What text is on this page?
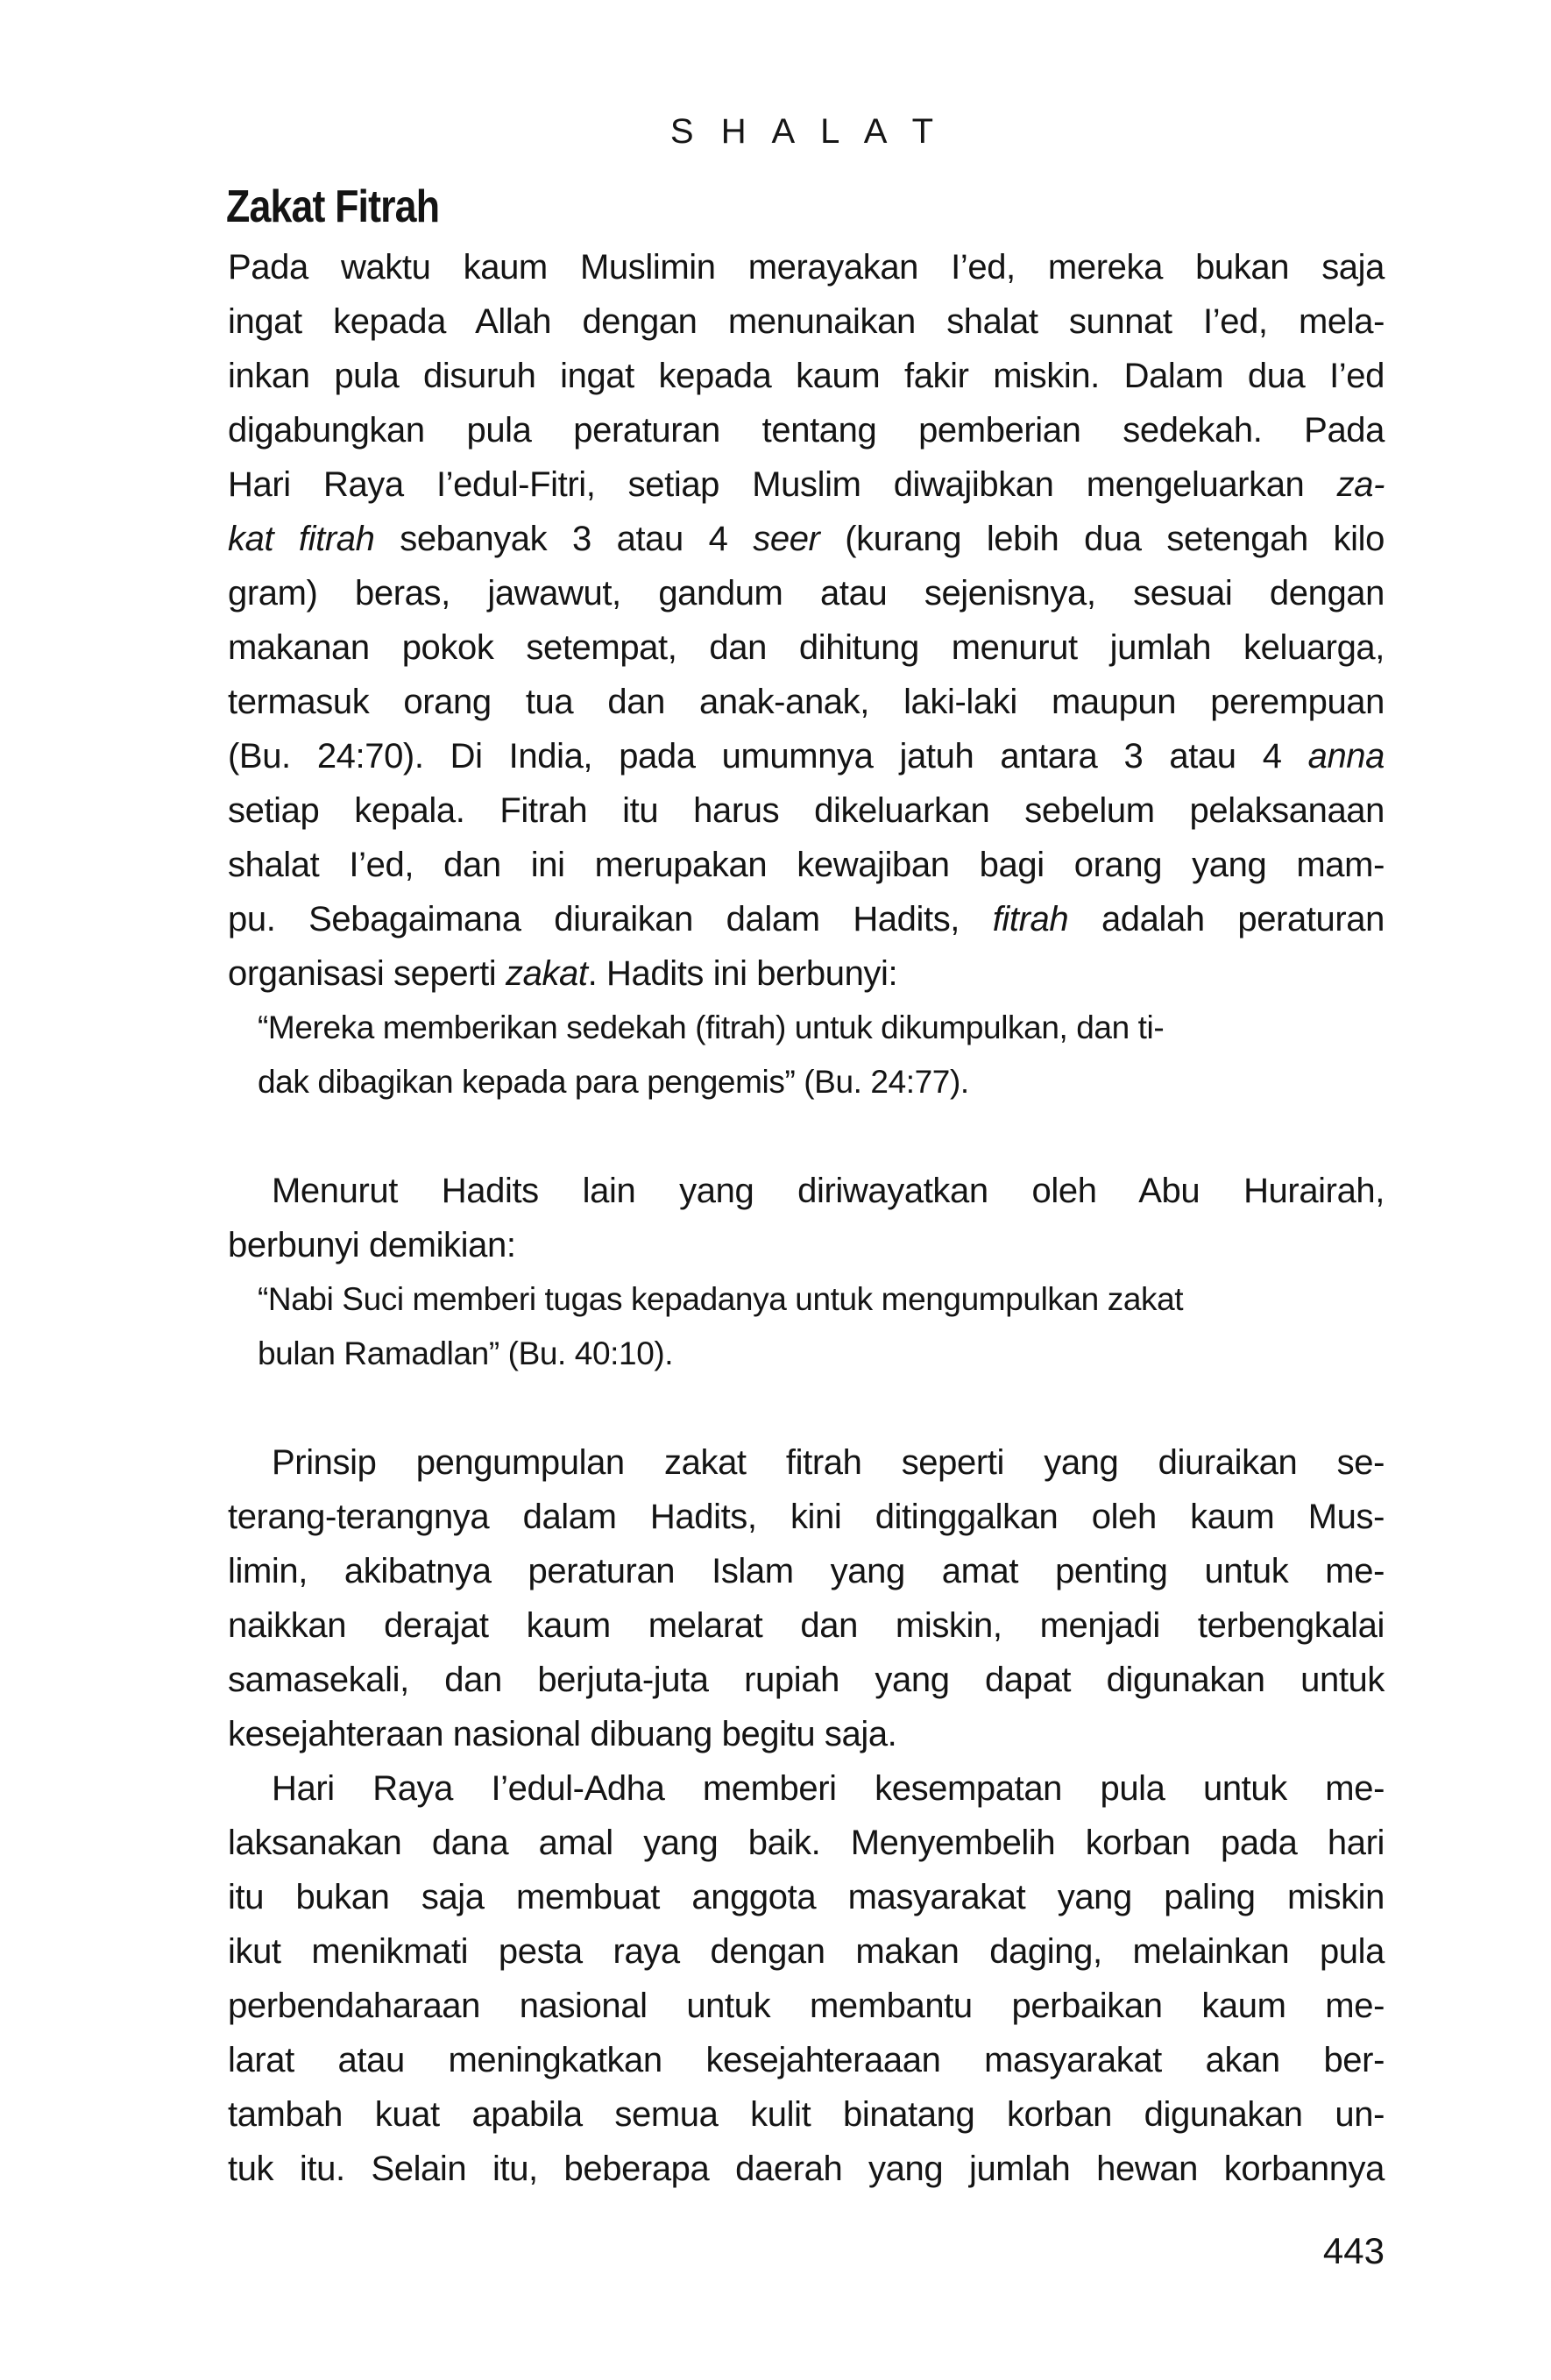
S H A L A T
Zakat Fitrah
Pada waktu kaum Muslimin merayakan I’ed, mereka bukan saja
ingat kepada Allah dengan menunaikan shalat sunnat I’ed, mela-
inkan pula disuruh ingat kepada kaum fakir miskin. Dalam dua I’ed
digabungkan pula peraturan tentang pemberian sedekah. Pada
Hari Raya I’edul-Fitri, setiap Muslim diwajibkan mengeluarkan za-
kat fitrah sebanyak 3 atau 4 seer (kurang lebih dua setengah kilo
gram) beras, jawawut, gandum atau sejenisnya, sesuai dengan
makanan pokok setempat, dan dihitung menurut jumlah keluarga,
termasuk orang tua dan anak-anak, laki-laki maupun perempuan
(Bu. 24:70). Di India, pada umumnya jatuh antara 3 atau 4 anna
setiap kepala. Fitrah itu harus dikeluarkan sebelum pelaksanaan
shalat I’ed, dan ini merupakan kewajiban bagi orang yang mam-
pu. Sebagaimana diuraikan dalam Hadits, fitrah adalah peraturan
organisasi seperti zakat. Hadits ini berbunyi:
“Mereka memberikan sedekah (fitrah) untuk dikumpulkan, dan ti-
dak dibagikan kepada para pengemis” (Bu. 24:77).
Menurut Hadits lain yang diriwayatkan oleh Abu Hurairah,
berbunyi demikian:
“Nabi Suci memberi tugas kepadanya untuk mengumpulkan zakat
bulan Ramadlan” (Bu. 40:10).
Prinsip pengumpulan zakat fitrah seperti yang diuraikan se-
terang-terangnya dalam Hadits, kini ditinggalkan oleh kaum Mus-
limin, akibatnya peraturan Islam yang amat penting untuk me-
naikkan derajat kaum melarat dan miskin, menjadi terbengkalai
samasekali, dan berjuta-juta rupiah yang dapat digunakan untuk
kesejahteraan nasional dibuang begitu saja.
Hari Raya I’edul-Adha memberi kesempatan pula untuk me-
laksanakan dana amal yang baik. Menyembelih korban pada hari
itu bukan saja membuat anggota masyarakat yang paling miskin
ikut menikmati pesta raya dengan makan daging, melainkan pula
perbendaharaan nasional untuk membantu perbaikan kaum me-
larat atau meningkatkan kesejahteraaan masyarakat akan ber-
tambah kuat apabila semua kulit binatang korban digunakan un-
tuk itu. Selain itu, beberapa daerah yang jumlah hewan korbannya
443
